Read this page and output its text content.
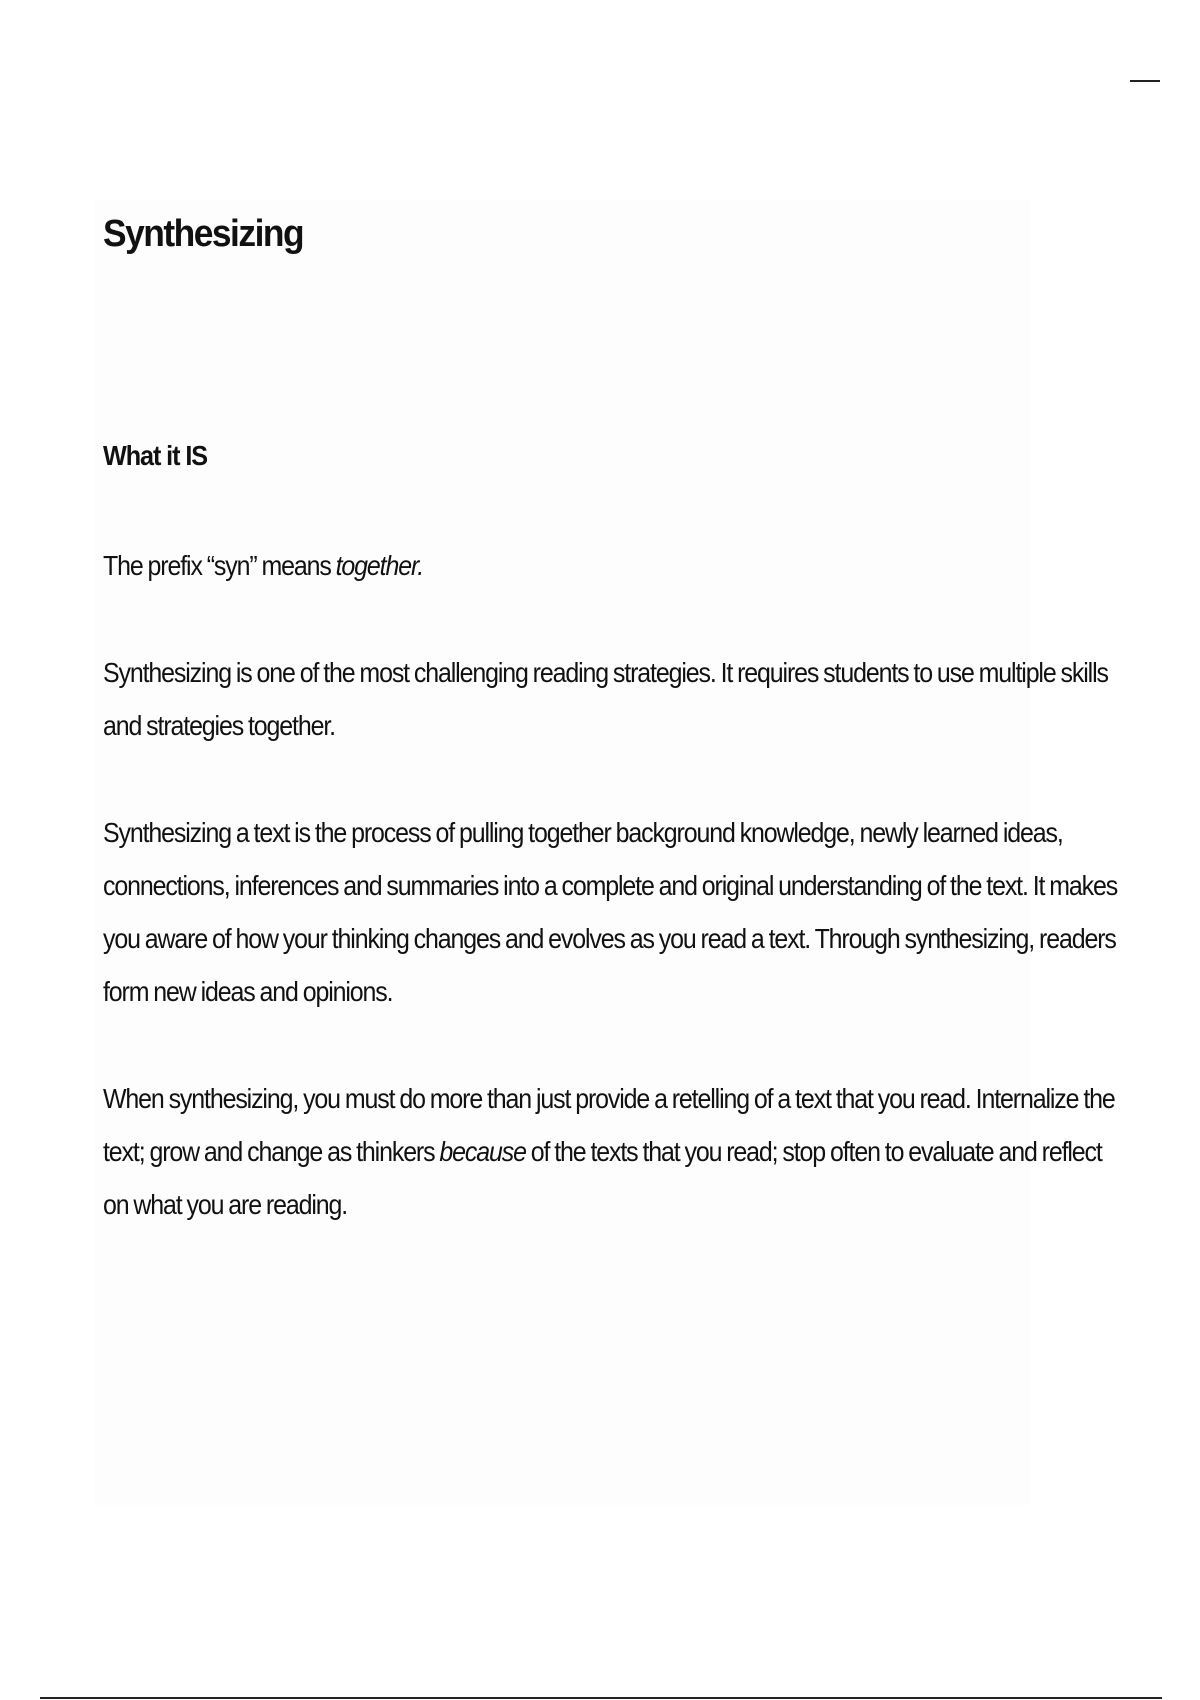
Synthesizing
What it IS

The prefix “syn” means together.

Synthesizing is one of the most challenging reading strategies. It requires students to use multiple skills
and strategies together.

Synthesizing a text is the process of pulling together background knowledge, newly learned ideas,
connections, inferences and summaries into a complete and original understanding of the text. It makes
you aware of how your thinking changes and evolves as you read a text. Through synthesizing, readers
form new ideas and opinions.

When synthesizing, you must do more than just provide a retelling of a text that you read. Internalize the
text; grow and change as thinkers because of the texts that you read; stop often to evaluate and reflect
on what you are reading.
